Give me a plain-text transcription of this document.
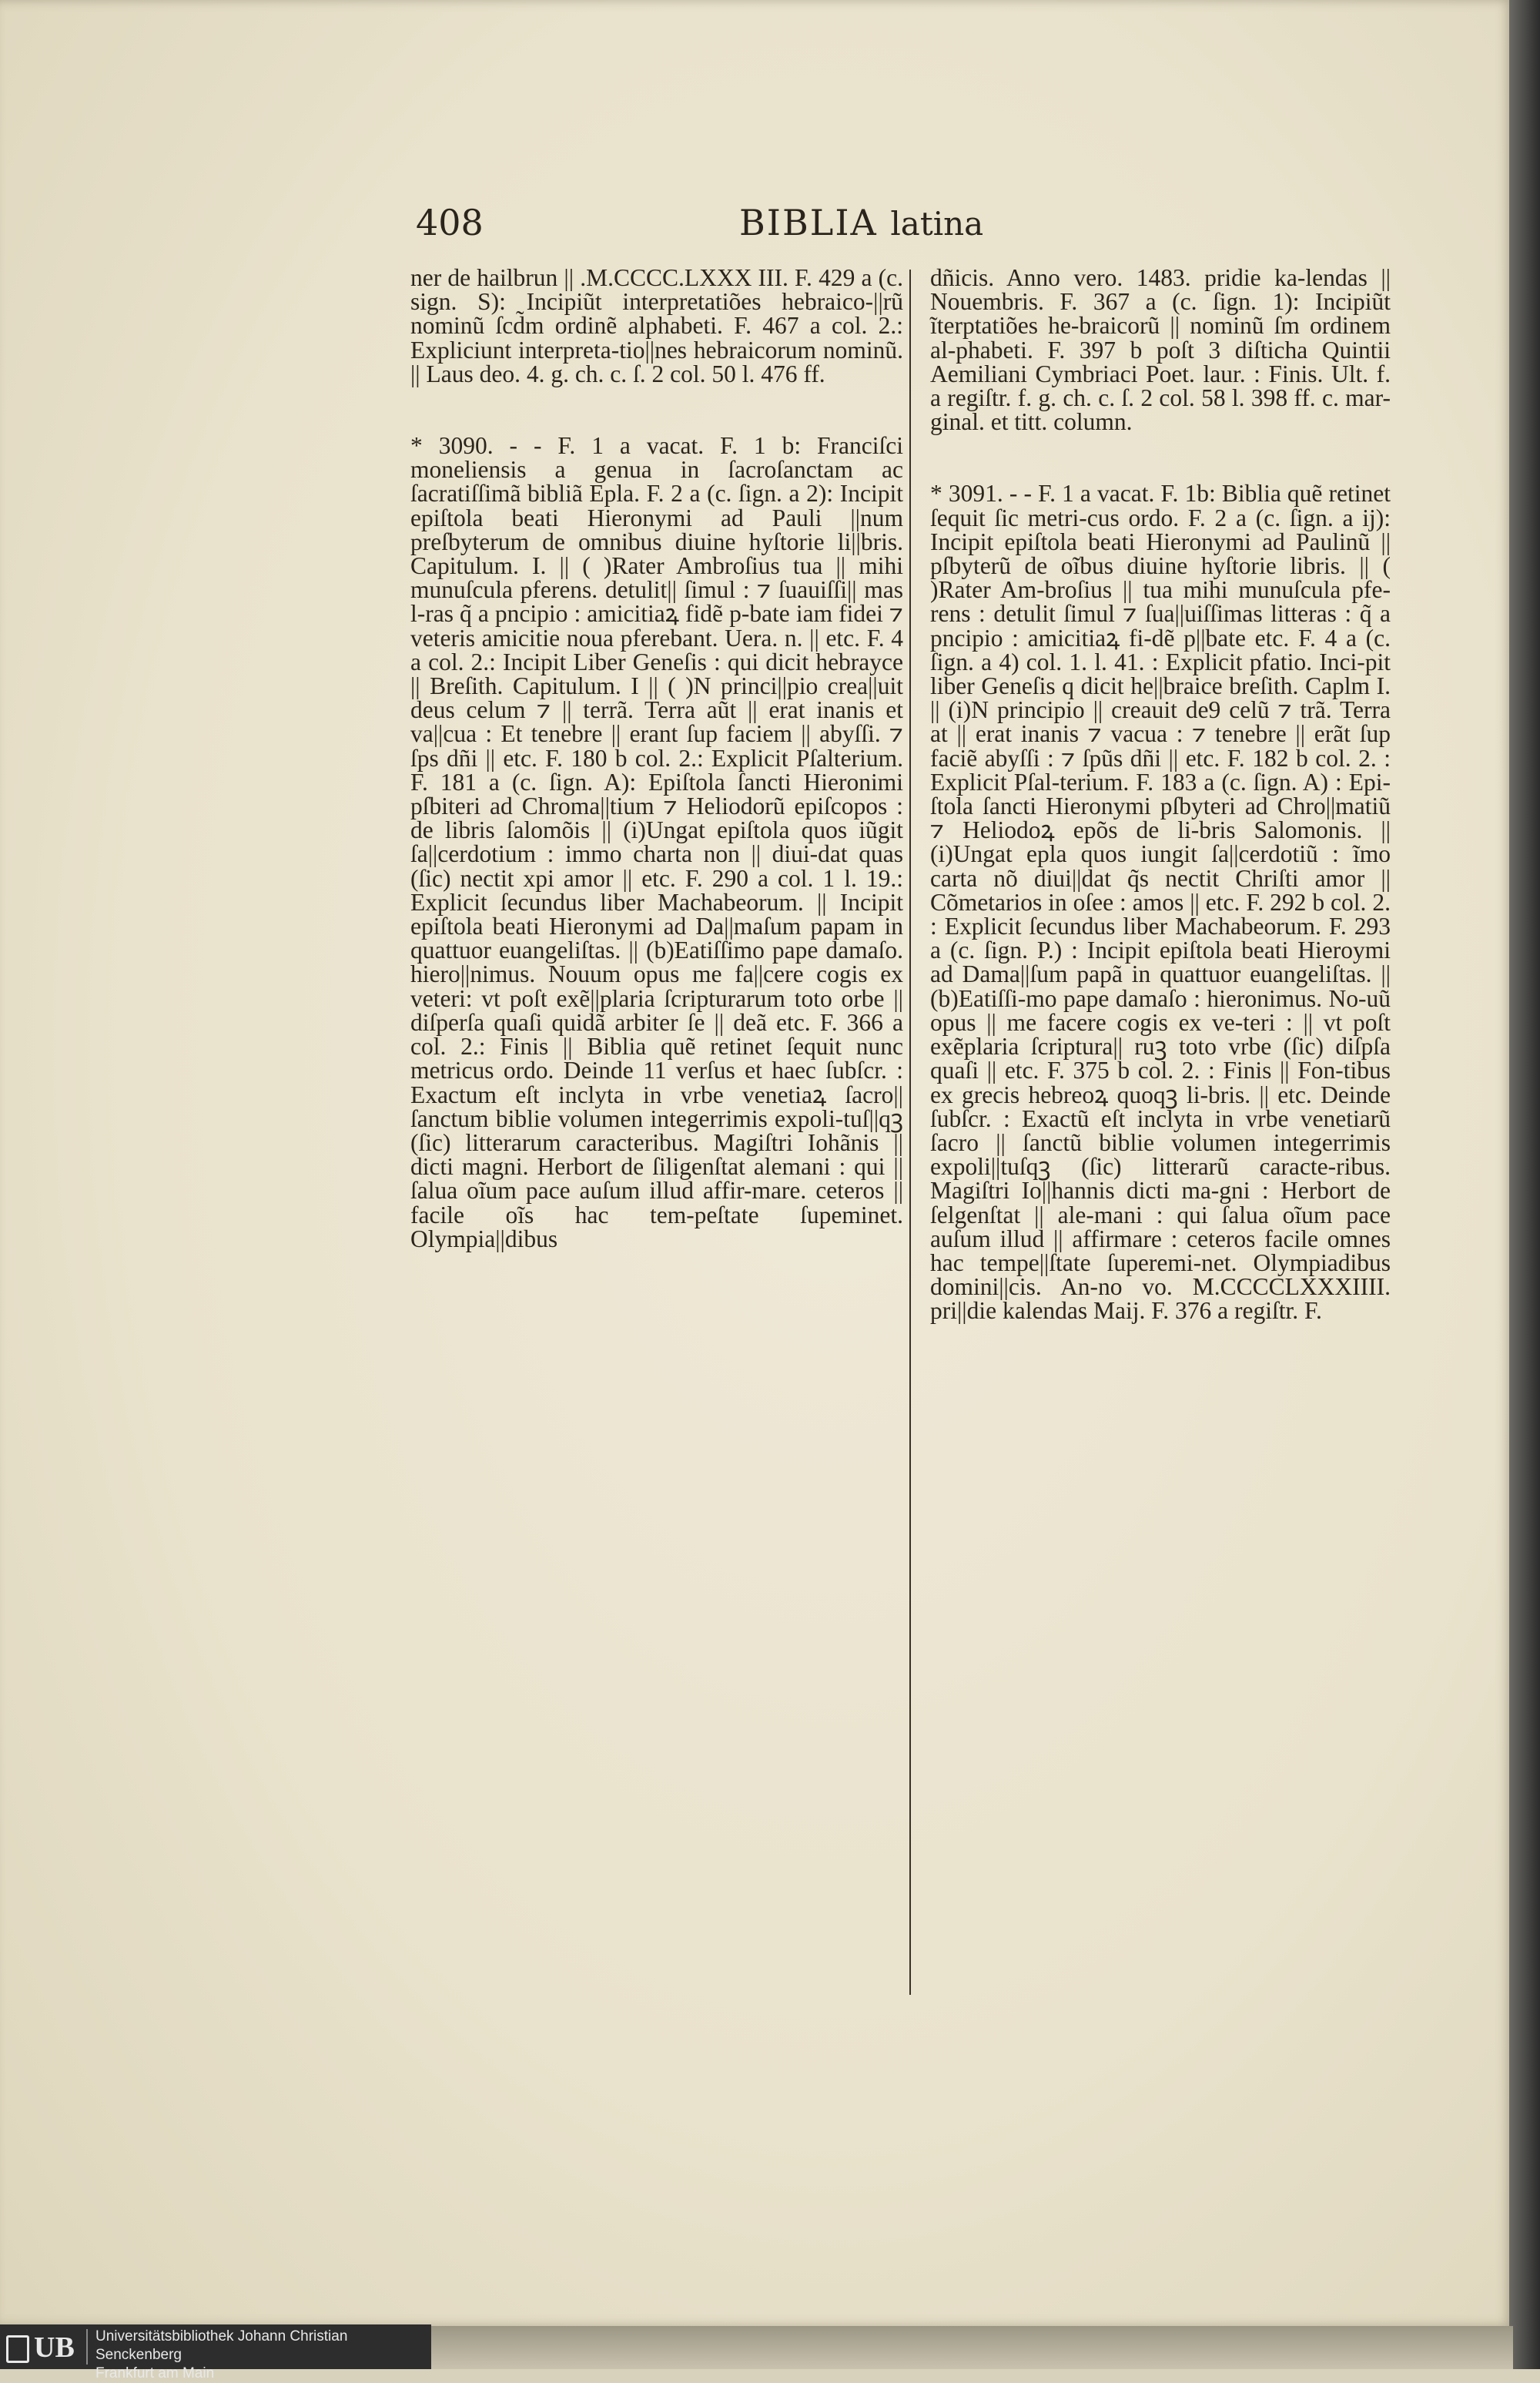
408	BIBLIA latina

ner de hailbrun || .M.CCCC.LXXX III. F. 429 a (c. sign. S): Incipiũt interpretatiões hebraico-||rũ nominũ ſcd̃m ordinẽ alphabeti. F. 467 a col. 2.: Expliciunt interpreta-tio||nes hebraicorum nominũ. || Laus deo. 4. g. ch. c. ſ. 2 col. 50 l. 476 ff.

* 3090. - - F. 1 a vacat. F. 1 b: Franciſci moneliensis a genua in ſacroſanctam ac ſacratiſſimã bibliã Epla. F. 2 a (c. ſign. a 2): Incipit epiſtola beati Hieronymi ad Pauli ||num preſbyterum de omnibus diuine hyſtorie li||bris. Capitulum. I. || ( )Rater Ambroſius tua || mihi munuſcula pferens. detulit|| ſimul : ⁊ ſuauiſſi|| mas l-ras q̃ a pncipio : amicitiaꝝ fidẽ p-bate iam fidei ⁊ veteris amicitie noua pferebant. Uera. n. || etc. F. 4 a col. 2.: Incipit Liber Geneſis : qui dicit hebrayce || Breſith. Capitulum. I || ( )N princi||pio crea||uit deus celum ⁊ || terrã. Terra aũt || erat inanis et va||cua : Et tenebre || erant ſup faciem || abyſſi. ⁊ ſps dñi || etc. F. 180 b col. 2.: Explicit Pſalterium. F. 181 a (c. ſign. A): Epiſtola ſancti Hieronimi pſbiteri ad Chroma||tium ⁊ Heliodorũ epiſcopos : de libris ſalomõis || (i)Ungat epiſtola quos iũgit ſa||cerdotium : immo charta non || diui-dat quas (ſic) nectit xpi amor || etc. F. 290 a col. 1 l. 19.: Explicit ſecundus liber Machabeorum. || Incipit epiſtola beati Hieronymi ad Da||maſum papam in quattuor euangeliſtas. || (b)Eatiſſimo pape damaſo. hiero||nimus. Nouum opus me fa||cere cogis ex veteri: vt poſt exẽ||plaria ſcripturarum toto orbe || diſperſa quaſi quidã arbiter ſe || deã etc. F. 366 a col. 2.: Finis || Biblia quẽ retinet ſequit nunc metricus ordo. Deinde 11 verſus et haec ſubſcr. : Exactum eſt inclyta in vrbe venetiaꝝ ſacro||ſanctum biblie volumen integerrimis expoli-tuſ||qꝫ (ſic) litterarum caracteribus. Magiſtri Iohãnis || dicti magni. Herbort de ſiligenſtat alemani : qui || ſalua oĩum pace auſum illud affir-mare. ceteros || facile oĩs hac tem-peſtate ſupeminet. Olympia||dibus

dñicis. Anno vero. 1483. pridie ka-lendas || Nouembris. F. 367 a (c. ſign. 1): Incipiũt ĩterptatiões he-braicorũ || nominũ ſm ordinem al-phabeti. F. 397 b poſt 3 diſticha Quintii Aemiliani Cymbriaci Poet. laur. : Finis. Ult. f. a regiſtr. f. g. ch. c. ſ. 2 col. 58 l. 398 ff. c. mar-ginal. et titt. column.

* 3091. - - F. 1 a vacat. F. 1b: Biblia quẽ retinet ſequit ſic metri-cus ordo. F. 2 a (c. ſign. a ij): Incipit epiſtola beati Hieronymi ad Paulinũ || pſbyterũ de oĩbus diuine hyſtorie libris. || ( )Rater Am-broſius || tua mihi munuſcula pfe-rens : detulit ſimul ⁊ ſua||uiſſimas litteras : q̃ a pncipio : amicitiaꝝ fi-dẽ p||bate etc. F. 4 a (c. ſign. a 4) col. 1. l. 41. : Explicit pfatio. Inci-pit liber Geneſis q dicit he||braice breſith. Caplm I. || (i)N principio || creauit de9 celũ ⁊ trã. Terra at || erat inanis ⁊ vacua : ⁊ tenebre || erãt ſup faciẽ abyſſi : ⁊ ſpũs dñi || etc. F. 182 b col. 2. : Explicit Pſal-terium. F. 183 a (c. ſign. A) : Epi-ſtola ſancti Hieronymi pſbyteri ad Chro||matiũ ⁊ Heliodoꝝ epõs de li-bris Salomonis. || (i)Ungat epla quos iungit ſa||cerdotiũ : ĩmo carta nõ diui||dat q̃s nectit Chriſti amor || Cõmetarios in oſee : amos || etc. F. 292 b col. 2. : Explicit ſecundus liber Machabeorum. F. 293 a (c. ſign. P.) : Incipit epiſtola beati Hieroymi ad Dama||ſum papã in quattuor euangeliſtas. || (b)Eatiſſi-mo pape damaſo : hieronimus. No-uũ opus || me facere cogis ex ve-teri : || vt poſt exẽplaria ſcriptura|| ruꝫ toto vrbe (ſic) diſpſa quaſi || etc. F. 375 b col. 2. : Finis || Fon-tibus ex grecis hebreoꝝ quoqꝫ li-bris. || etc. Deinde ſubſcr. : Exactũ eſt inclyta in vrbe venetiarũ ſacro || ſanctũ biblie volumen integerrimis expoli||tuſqꝫ (ſic) litterarũ caracte-ribus. Magiſtri Io||hannis dicti ma-gni : Herbort de ſelgenſtat || ale-mani : qui ſalua oĩum pace auſum illud || affirmare : ceteros facile omnes hac tempe||ſtate ſuperemi-net. Olympiadibus domini||cis. An-no vo. M.CCCCLXXXIIII. pri||die kalendas Maij. F. 376 a regiſtr. F.

UB Universitätsbibliothek Johann Christian Senckenberg
Frankfurt am Main
